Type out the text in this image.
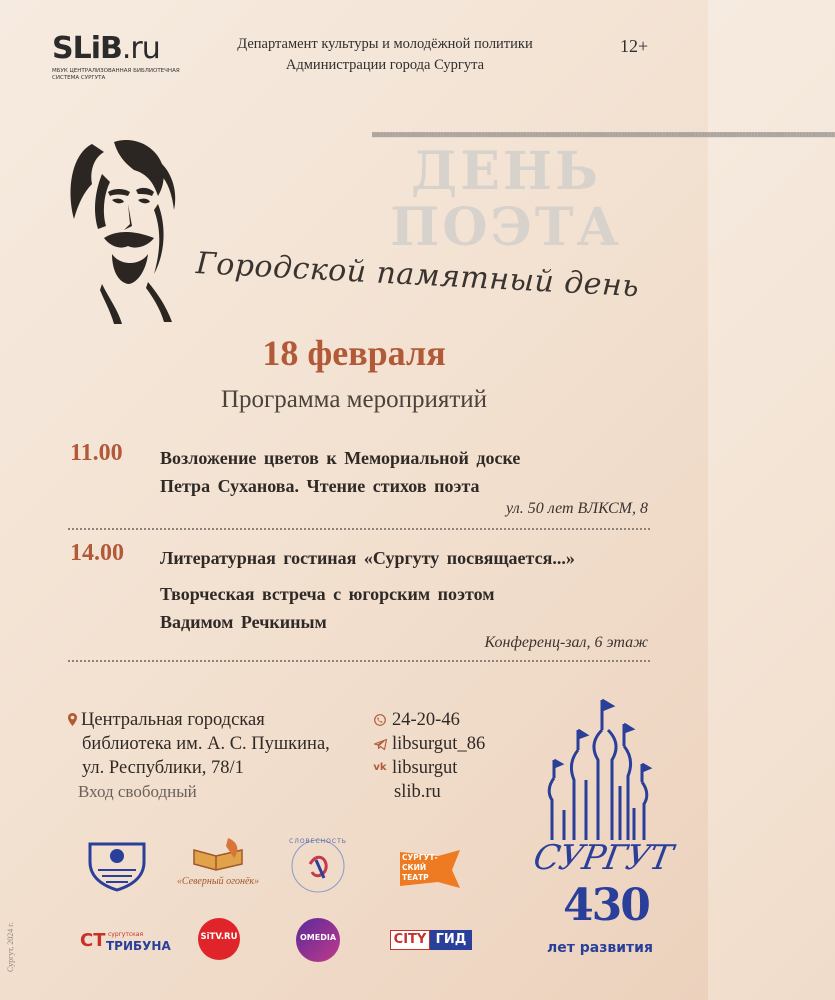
SLiB.ru
МБУК ЦЕНТРАЛИЗОВАННАЯ БИБЛИОТЕЧНАЯ СИСТЕМА СУРГУТА
Департамент культуры и молодёжной политики
Администрации города Сургута
12+
████████████████████████████████████████████████████████████████████████████████████████████████████████████████████████████████████████████████████████████
ДЕНЬ
ПОЭТА
Городской памятный день
18 февраля
Программа мероприятий
11.00 Возложение цветов к Мемориальной доске
Петра Суханова. Чтение стихов поэта
ул. 50 лет ВЛКСМ, 8
14.00 Литературная гостиная «Сургуту посвящается...»
Творческая встреча с югорским поэтом
Вадимом Речкиным
Конференц-зал, 6 этаж
Центральная городская
библиотека им. А. С. Пушкина,
ул. Республики, 78/1
Вход свободный
24-20-46
libsurgut_86
vk libsurgut
slib.ru
СУРГУТ
430
лет развития
«Северный огонёк»
СЛОВЕСНОСТЬ
СУРГУТ-
СКИЙ
ТЕАТР
СТ сургутская
ТРИБУНА
SiTV.RU	OMEDIA	CITY ГИД
Сургут, 2024 г.
